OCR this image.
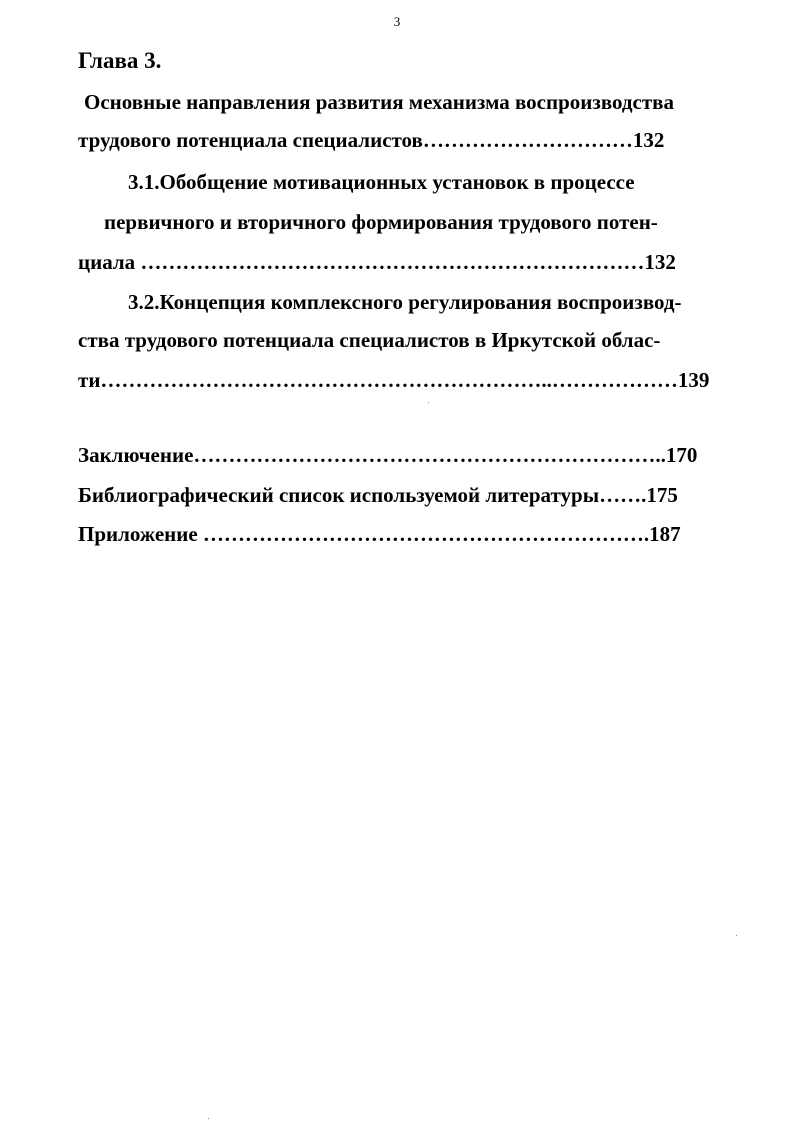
3
Глава 3.
Основные направления развития механизма воспроизводства
трудового потенциала специалистов…………………………132
3.1.Обобщение мотивационных установок в процессе
первичного и вторичного формирования трудового потен-
циала ………………………………………………………………132
3.2.Концепция комплексного регулирования воспроизвод-
ства трудового потенциала специалистов в Иркутской облас-
ти………………………………………………………..………………139
Заключение…………………………………………………………..170
Библиографический список используемой литературы…….175
Приложение ……………………………………………………….187
